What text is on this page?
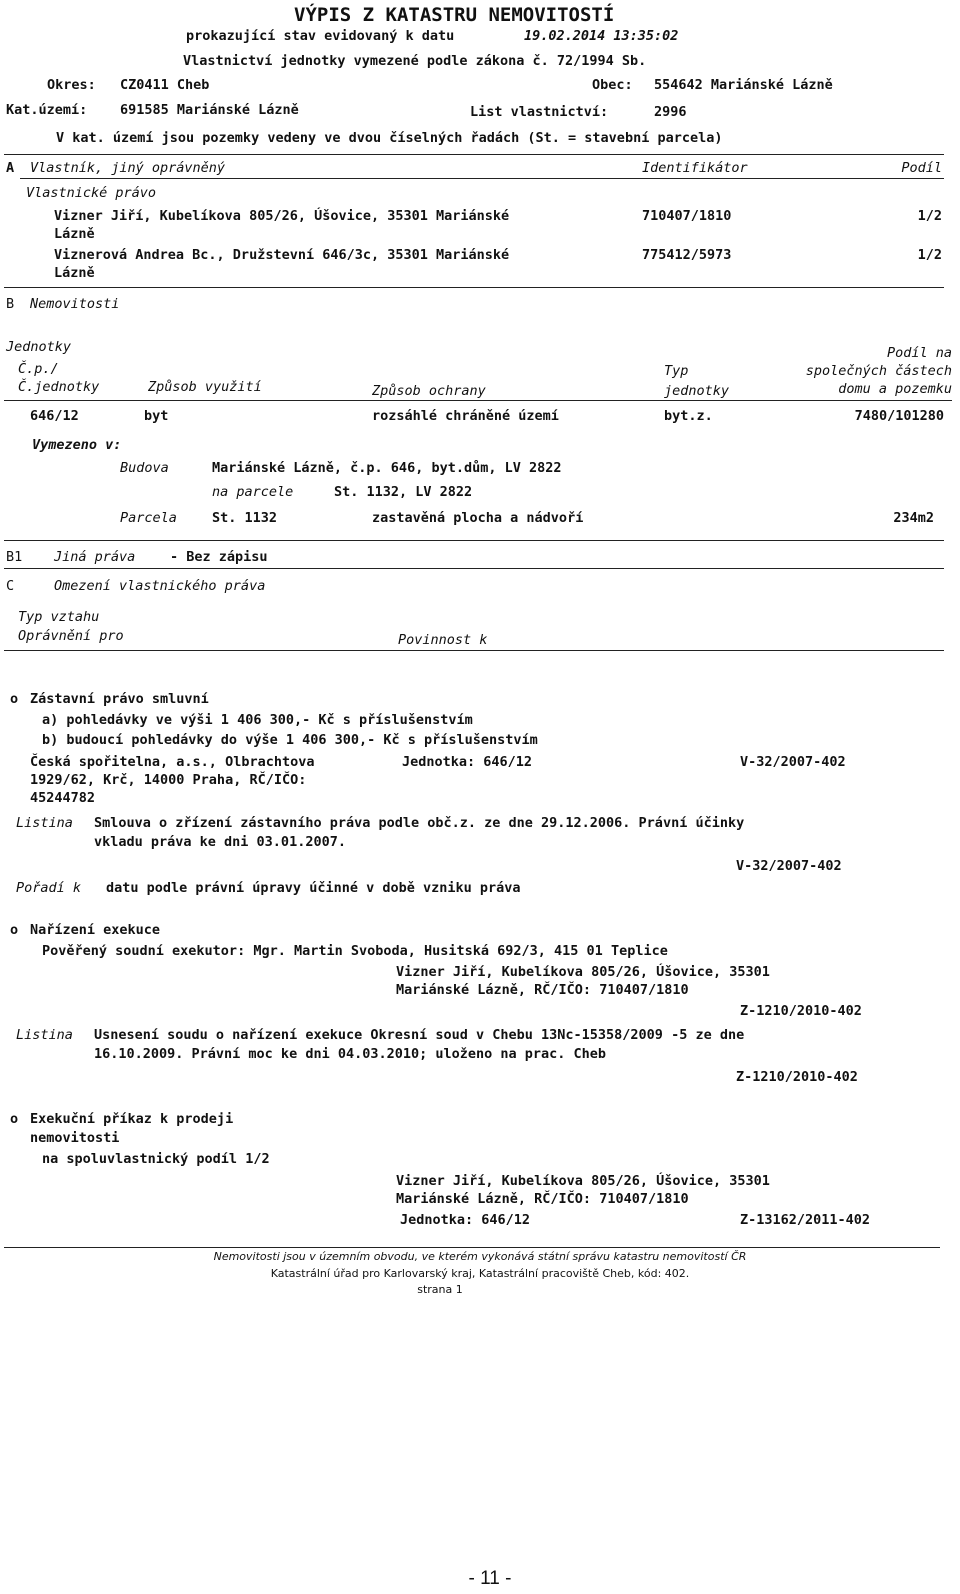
VÝPIS Z KATASTRU NEMOVITOSTÍ
prokazující stav evidovaný k datu	19.02.2014 13:35:02
Vlastnictví jednotky vymezené podle zákona č. 72/1994 Sb.
Okres: CZ0411 Cheb	Obec: 554642 Mariánské Lázně
Kat.území: 691585 Mariánské Lázně	List vlastnictví:	2996
V kat. území jsou pozemky vedeny ve dvou číselných řadách (St. = stavební parcela)
A Vlastník, jiný oprávněný	Identifikátor	Podíl
Vlastnické právo
Vizner Jiří, Kubelíkova 805/26, Úšovice, 35301 Mariánské
Lázně
710407/1810	1/2
Viznerová Andrea Bc., Družstevní 646/3c, 35301 Mariánské
Lázně
775412/5973	1/2
B Nemovitosti
Jednotky	Podíl na
Č.p./	Typ	společných částech
Č.jednotky	Způsob využití	Způsob ochrany	jednotky	domu a pozemku
646/12	byt	rozsáhlé chráněné území	byt.z.	7480/101280
Vymezeno v:
Budova	Mariánské Lázně, č.p. 646, byt.dům, LV 2822
na parcele	St. 1132, LV 2822
Parcela	St. 1132	zastavěná plocha a nádvoří	234m2
B1 Jiná práva	- Bez zápisu
C	Omezení vlastnického práva
Typ vztahu
Oprávnění pro	Povinnost k
o Zástavní právo smluvní
a) pohledávky ve výši 1 406 300,- Kč s příslušenstvím
b) budoucí pohledávky do výše 1 406 300,- Kč s příslušenstvím
Česká spořitelna, a.s., Olbrachtova
1929/62, Krč, 14000 Praha, RČ/IČO:
45244782
Jednotka: 646/12	V-32/2007-402
Listina Smlouva o zřízení zástavního práva podle obč.z. ze dne 29.12.2006. Právní účinky
vkladu práva ke dni 03.01.2007.
V-32/2007-402
Pořadí k datu podle právní úpravy účinné v době vzniku práva
o Nařízení exekuce
Pověřený soudní exekutor: Mgr. Martin Svoboda, Husitská 692/3, 415 01 Teplice
Vizner Jiří, Kubelíkova 805/26, Úšovice, 35301
Mariánské Lázně, RČ/IČO: 710407/1810
Z-1210/2010-402
Listina Usnesení soudu o nařízení exekuce Okresní soud v Chebu 13Nc-15358/2009 -5 ze dne
16.10.2009. Právní moc ke dni 04.03.2010; uloženo na prac. Cheb
Z-1210/2010-402
o Exekuční příkaz k prodeji
nemovitosti
na spoluvlastnický podíl 1/2
Vizner Jiří, Kubelíkova 805/26, Úšovice, 35301
Mariánské Lázně, RČ/IČO: 710407/1810
Jednotka: 646/12	Z-13162/2011-402
Nemovitosti jsou v územním obvodu, ve kterém vykonává státní správu katastru nemovitostí ČR
Katastrální úřad pro Karlovarský kraj, Katastrální pracoviště Cheb, kód: 402.
strana 1
- 11 -
